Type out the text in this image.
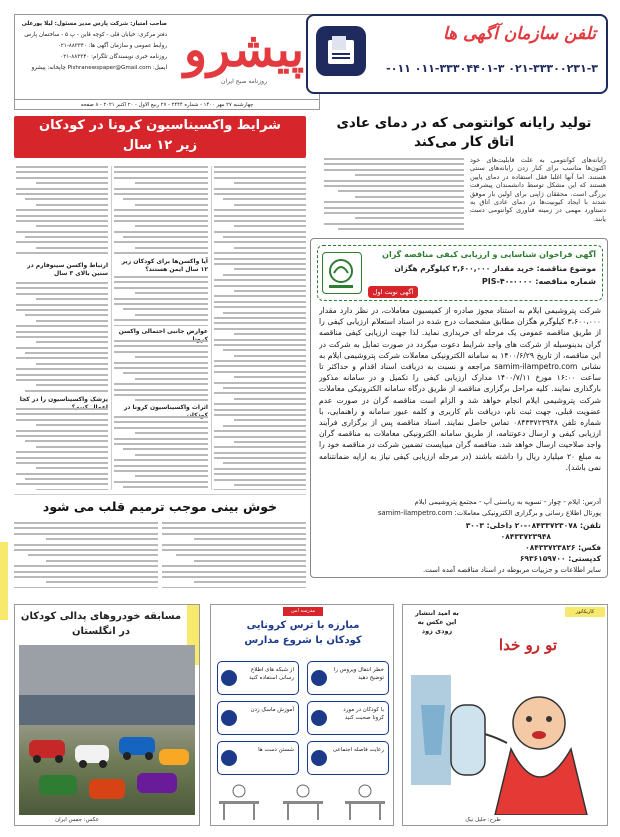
صاحب امتیاز: شرکت پارس مدیر مسئول: لیلا پورعلی
دفتر مرکزی: خیابان قلی - کوچه قاین - پ ۵ - ساختمان پارس
روابط عمومی و سازمان آگهی ها: ۸۸۳۳۴۰-۰۲۱
روزنامه خبری نویسندگان تلگرام: ۸۸۳۳۴۰-۰۲۱
ایمیل: Pishranewspaper@Gmail.com چاپخانه: پیشرو پیشرو
روزنامه صبح ایران
چهارشنبه ۲۷ مهر ۱۴۰۰ - شماره ۲۴۴۴ - ۲۷ ربیع الاول - ۲۰ اکتبر ۲۰۲۱ - ۸ صفحه
تلفن سازمان آگهی ها
۰۲۱-۳۳۳۰۰۲۳۱-۳ ۰۱۱-۳۳۳۰۴۴۰۱-۳ ۰۱۱-
تولید رایانه کوانتومی که در دمای عادی
اتاق کار می‌کند
رایانه‌های کوانتومی به علت قابلیت‌های خود اکنون‌ها مناسب برای کنار زدن رایانه‌های سنتی هستند. اما آنها اغلبا فقل استفاده در دمای پایین هستند که این مشکل توسط دانشمندان پیشرفت بزرگی است. محققان ژاپنی برای اولین بار موفق شدند با ایجاد کیوبیت‌ها در دمای عادی اتاق به دستاورد مهمی در زمینه فناوری کوانتومی دست یابند.
آگهی فراخوان شناسایی و ارزیابی کیفی مناقصه گران
موضوع مناقصه: خرید مقدار ۳,۶۰۰,۰۰۰ کیلوگرم هگزان
شماره مناقصه: PIS-۴۰-۰۰۰۰
آگهی نوبت اول
شرکت پتروشیمی ایلام به استناد مجوز صادره از کمیسیون معاملات، در نظر دارد مقدار ۳،۶۰۰،۰۰۰ کیلوگرم هگزان مطابق مشخصات درج شده در اسناد استعلام ارزیابی کیفی را از طریق مناقصه عمومی یک مرحله ای خریداری نماید. لذا جهت ارزیابی کیفی مناقصه گران بدینوسیله از شرکت های واجد شرایط دعوت میگردد در صورت تمایل به شرکت در این مناقصه، از تاریخ ۱۴۰۰/۶/۲۹ به سامانه الکترونیکی معاملات شرکت پتروشیمی ایلام به نشانی samim-ilampetro.com مراجعه و نسبت به دریافت اسناد اقدام و حداکثر تا ساعت ۱۶:۰۰ مورخ ۱۴۰۰/۷/۱۱ مدارک ارزیابی کیفی را تکمیل و در سامانه مذکور بارگذاری نمایند. کلیه مراحل برگزاری مناقصه از طریق درگاه سامانه الکترونیکی معاملات شرکت پتروشیمی ایلام انجام خواهد شد و الزام است مناقصه گران در صورت عدم عضویت قبلی، جهت ثبت نام، دریافت نام کاربری و کلمه عبور سامانه و راهنمایی، با شماره تلفن ۰۸۴۳۳۷۲۳۹۴۸ تماس حاصل نمایند. اسناد مناقصه پس از برگزاری فرآیند ارزیابی کیفی و ارسال دعوتنامه، از طریق سامانه الکترونیکی معاملات به مناقصه گران واجد صلاحیت ارسال خواهد شد. مناقصه گران میبایست تضمین شرکت در مناقصه خود را به مبلغ ۲۰ میلیارد ریال را داشته باشند (در مرحله ارزیابی کیفی نیاز به ارایه ضمانتنامه نمی باشد).
آدرس: ایلام - چوار - تسویه به ریاستی آپ - مجتمع پتروشیمی ایلام
پورتال اطلاع رسانی و برگزاری الکترونیکی معاملات: samim-ilampetro.com
تلفن: ۰۸۴۳۳۷۲۳۰۷۸-۲۰ داخلی: ۳۰۰۳
۰۸۴۳۳۷۲۳۹۴۸
فکس: ۰۸۴۳۳۷۲۳۸۲۶
کدپستی: ۶۹۳۶۱۵۹۷۰۰
سایر اطلاعات و جزییات مربوطه در اسناد مناقصه آمده است.
شرایط واکسیناسیون کرونا در کودکان
زیر ۱۲ سال
آیا واکسن‌ها برای کودکان زیر ۱۲ سال ایمن هستند؟
عوارض جانبی احتمالی واکسن
اثرات واکسیناسیون کرونا در
ارتباط واکسن سینوفارم در سنین بالای ۳ سال
پزشک واکسیناسیون را در کجا
خوش بینی موجب ترمیم قلب می شود
مسابقه خودروهای پدالی کودکان
در انگلستان
عکس: جمس ایران
مدرسه امن
مبارزه با ترس کرونایی
کودکان با شروع مدارس
خطر انتقال ویروس را توضیح دهید
از شبکه های اطلاع رسانی استفاده کنید
با کودکان در مورد کرونا صحبت کنید
آموزش ماسک زدن
رعایت فاصله اجتماعی
شستن دست ها
کاریکاتور
به امید انتشار
این عکس به
زودی زود
تو رو خدا
طرح: جلیل نیک
